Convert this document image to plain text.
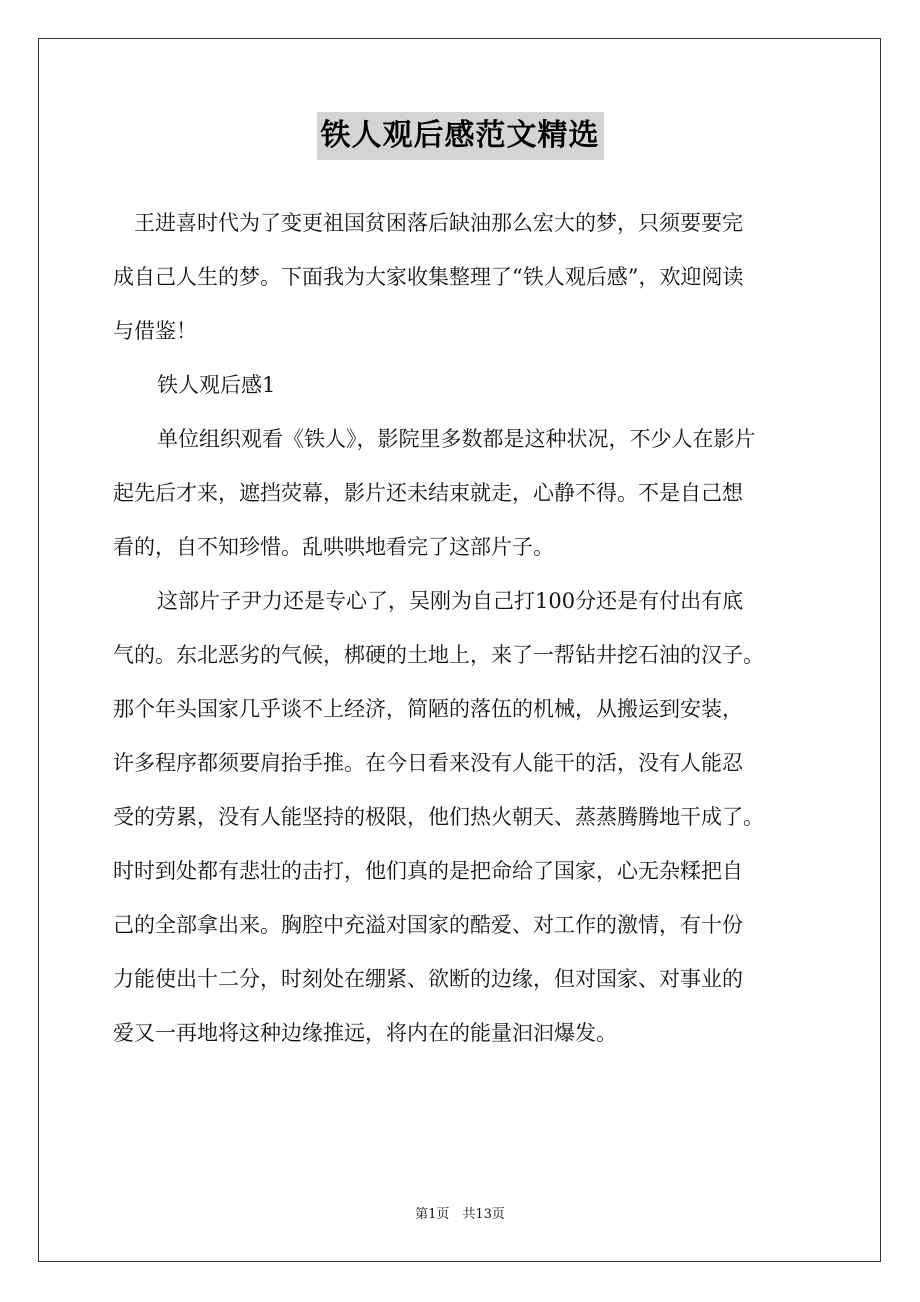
铁人观后感范文精选

王进喜时代为了变更祖国贫困落后缺油那么宏大的梦，只须要要完
成自己人生的梦。下面我为大家收集整理了“铁人观后感”，欢迎阅读
与借鉴！

铁人观后感1

单位组织观看《铁人》，影院里多数都是这种状况，不少人在影片
起先后才来，遮挡荧幕，影片还未结束就走，心静不得。不是自己想
看的，自不知珍惜。乱哄哄地看完了这部片子。

这部片子尹力还是专心了，吴刚为自己打100分还是有付出有底
气的。东北恶劣的气候，梆硬的土地上，来了一帮钻井挖石油的汉子。
那个年头国家几乎谈不上经济，简陋的落伍的机械，从搬运到安装，
许多程序都须要肩抬手推。在今日看来没有人能干的活，没有人能忍
受的劳累，没有人能坚持的极限，他们热火朝天、蒸蒸腾腾地干成了。
时时到处都有悲壮的击打，他们真的是把命给了国家，心无杂糅把自
己的全部拿出来。胸腔中充溢对国家的酷爱、对工作的激情，有十份
力能使出十二分，时刻处在绷紧、欲断的边缘，但对国家、对事业的
爱又一再地将这种边缘推远，将内在的能量汩汩爆发。

第1页　共13页
